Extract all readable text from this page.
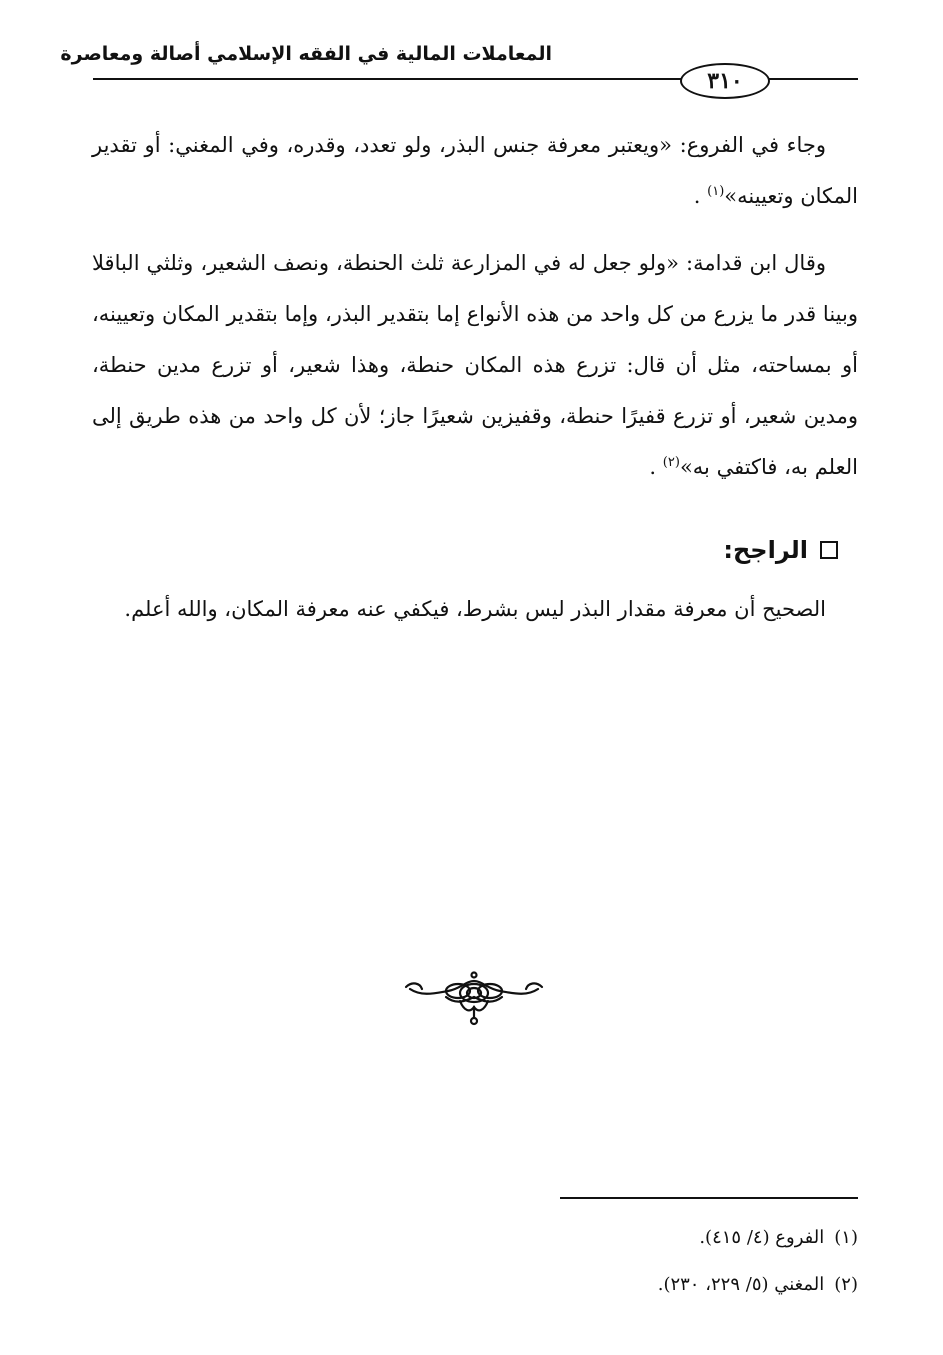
المعاملات المالية في الفقه الإسلامي أصالة ومعاصرة
٣١٠

وجاء في الفروع: «ويعتبر معرفة جنس البذر، ولو تعدد، وقدره، وفي المغني: أو تقدير المكان وتعيينه»$^{(١)}$ .

وقال ابن قدامة: «ولو جعل له في المزارعة ثلث الحنطة، ونصف الشعير، وثلثي الباقلا وبينا قدر ما يزرع من كل واحد من هذه الأنواع إما بتقدير البذر، وإما بتقدير المكان وتعيينه، أو بمساحته، مثل أن قال: تزرع هذه المكان حنطة، وهذا شعير، أو تزرع مدين حنطة، ومدين شعير، أو تزرع قفيرًا حنطة، وقفيزين شعيرًا جاز؛ لأن كل واحد من هذه طريق إلى العلم به، فاكتفي به»$^{(٢)}$ .

الراجح:

الصحيح أن معرفة مقدار البذر ليس بشرط، فيكفي عنه معرفة المكان، والله أعلم.

(١)الفروع (٤/ ٤١٥).
(٢)المغني (٥/ ٢٢٩، ٢٣٠).
